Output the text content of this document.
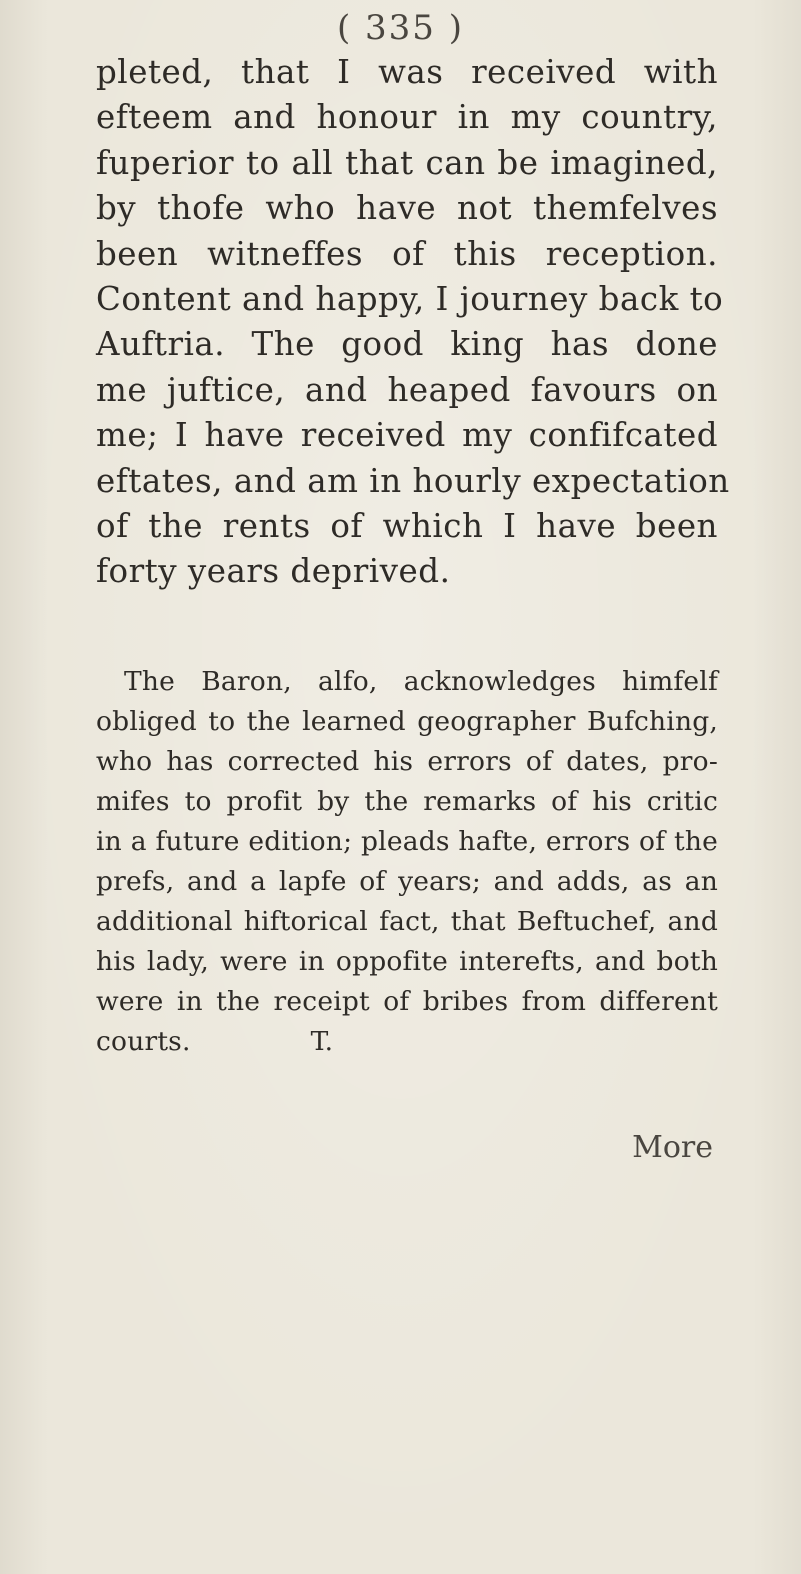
( 335 )

pleted, that I was received with
efteem and honour in my country,
fuperior to all that can be imagined,
by thofe who have not themfelves
been witneffes of this reception.
Content and happy, I journey back to
Auftria. The good king has done
me juftice, and heaped favours on
me; I have received my confifcated
eftates, and am in hourly expectation
of the rents of which I have been
forty years deprived.

The Baron, alfo, acknowledges himfelf
obliged to the learned geographer Bufching,
who has corrected his errors of dates, pro-
mifes to profit by the remarks of his critic
in a future edition; pleads hafte, errors of the
prefs, and a lapfe of years; and adds, as an
additional hiftorical fact, that Beftuchef, and
his lady, were in oppofite interefts, and both
were in the receipt of bribes from different
courts.	T.

More
